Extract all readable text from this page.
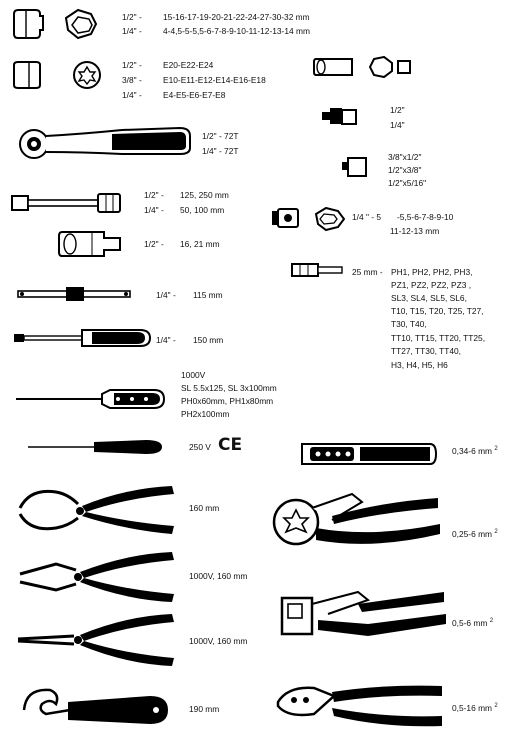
1/2" -	15-16-17-19-20-21-22-24-27-30-32 mm
1/4" -	4-4,5-5-5,5-6-7-8-9-10-11-12-13-14 mm
1/2" -	E20-E22-E24
3/8" -	E10-E11-E12-E14-E16-E18
1/4" -	E4-E5-E6-E7-E8
1/2" - 72T
1/4" - 72T
1/2" - 125, 250 mm
1/4" - 50, 100 mm
1/2" - 16, 21 mm
1/4" - 115 mm
1/4" - 150 mm
1000V
SL 5.5x125, SL 3x100mm
PH0x60mm, PH1x80mm
PH2x100mm
250 V CE
160 mm
1000V, 160 mm
1000V, 160 mm
190 mm
1/2"
1/4"
3/8"x1/2"
1/2"x3/8"
1/2"x5/16"
1/4 " - 5 -5,5-6-7-8-9-10
11-12-13 mm
25 mm - PH1, PH2, PH2, PH3,
PZ1, PZ2, PZ2, PZ3 ,
SL3, SL4, SL5, SL6,
T10, T15, T20, T25, T27,
T30, T40,
TT10, TT15, TT20, TT25,
TT27, TT30, TT40,
H3, H4, H5, H6
0,34-6 mm $^2$
0,25-6 mm $^2$
0,5-6 mm $^2$
0,5-16 mm $^2$
